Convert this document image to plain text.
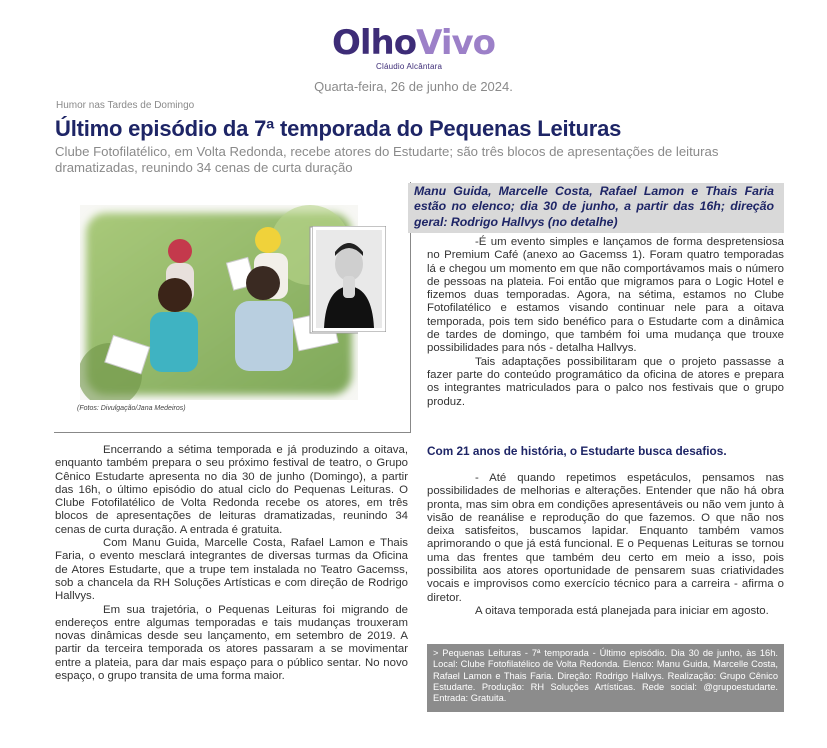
OlhoVivo
Cláudio Alcântara
Quarta-feira, 26 de junho de 2024.
Humor nas Tardes de Domingo
Último episódio da 7ª temporada do Pequenas Leituras

Clube Fotofilatélico, em Volta Redonda, recebe atores do Estudarte; são três blocos de apresentações de leituras dramatizadas, reunindo 34 cenas de curta duração

(Fotos: Divulgação/Jana Medeiros)

Manu Guida, Marcelle Costa, Rafael Lamon e Thais Faria estão no elenco; dia 30 de junho, a partir das 16h; direção geral: Rodrigo Hallvys (no detalhe)

Encerrando a sétima temporada e já produzindo a oitava, enquanto também prepara o seu próximo festival de teatro, o Grupo Cênico Estudarte apresenta no dia 30 de junho (Domingo), a partir das 16h, o último episódio do atual ciclo do Pequenas Leituras. O Clube Fotofilatélico de Volta Redonda recebe os atores, em três blocos de apresentações de leituras dramatizadas, reunindo 34 cenas de curta duração. A entrada é gratuita.

Com Manu Guida, Marcelle Costa, Rafael Lamon e Thais Faria, o evento mesclará integrantes de diversas turmas da Oficina de Atores Estudarte, que a trupe tem instalada no Teatro Gacemss, sob a chancela da RH Soluções Artísticas e com direção de Rodrigo Hallvys.

Em sua trajetória, o Pequenas Leituras foi migrando de endereços entre algumas temporadas e tais mudanças trouxeram novas dinâmicas desde seu lançamento, em setembro de 2019. A partir da terceira temporada os atores passaram a se movimentar entre a plateia, para dar mais espaço para o público sentar. No novo espaço, o grupo transita de uma forma maior.

-É um evento simples e lançamos de forma despretensiosa no Premium Café (anexo ao Gacemss 1). Foram quatro temporadas lá e chegou um momento em que não comportávamos mais o número de pessoas na plateia. Foi então que migramos para o Logic Hotel e fizemos duas temporadas. Agora, na sétima, estamos no Clube Fotofilatélico e estamos visando continuar nele para a oitava temporada, pois tem sido benéfico para o Estudarte com a dinâmica de tardes de domingo, que também foi uma mudança que trouxe possibilidades para nós - detalha Hallvys.

Tais adaptações possibilitaram que o projeto passasse a fazer parte do conteúdo programático da oficina de atores e prepara os integrantes matriculados para o palco nos festivais que o grupo produz.

Com 21 anos de história, o Estudarte busca desafios.

- Até quando repetimos espetáculos, pensamos nas possibilidades de melhorias e alterações. Entender que não há obra pronta, mas sim obra em condições apresentáveis ou não vem junto à visão de reanálise e reprodução do que fazemos. O que não nos deixa satisfeitos, buscamos lapidar. Enquanto também vamos aprimorando o que já está funcional. E o Pequenas Leituras se tornou uma das frentes que também deu certo em meio a isso, pois possibilita aos atores oportunidade de pensarem suas criatividades vocais e improvisos como exercício técnico para a carreira - afirma o diretor.

A oitava temporada está planejada para iniciar em agosto.

> Pequenas Leituras - 7ª temporada - Último episódio. Dia 30 de junho, às 16h. Local: Clube Fotofilatélico de Volta Redonda. Elenco: Manu Guida, Marcelle Costa, Rafael Lamon e Thais Faria. Direção: Rodrigo Hallvys. Realização: Grupo Cênico Estudarte. Produção: RH Soluções Artísticas. Rede social: @grupoestudarte. Entrada: Gratuita.
